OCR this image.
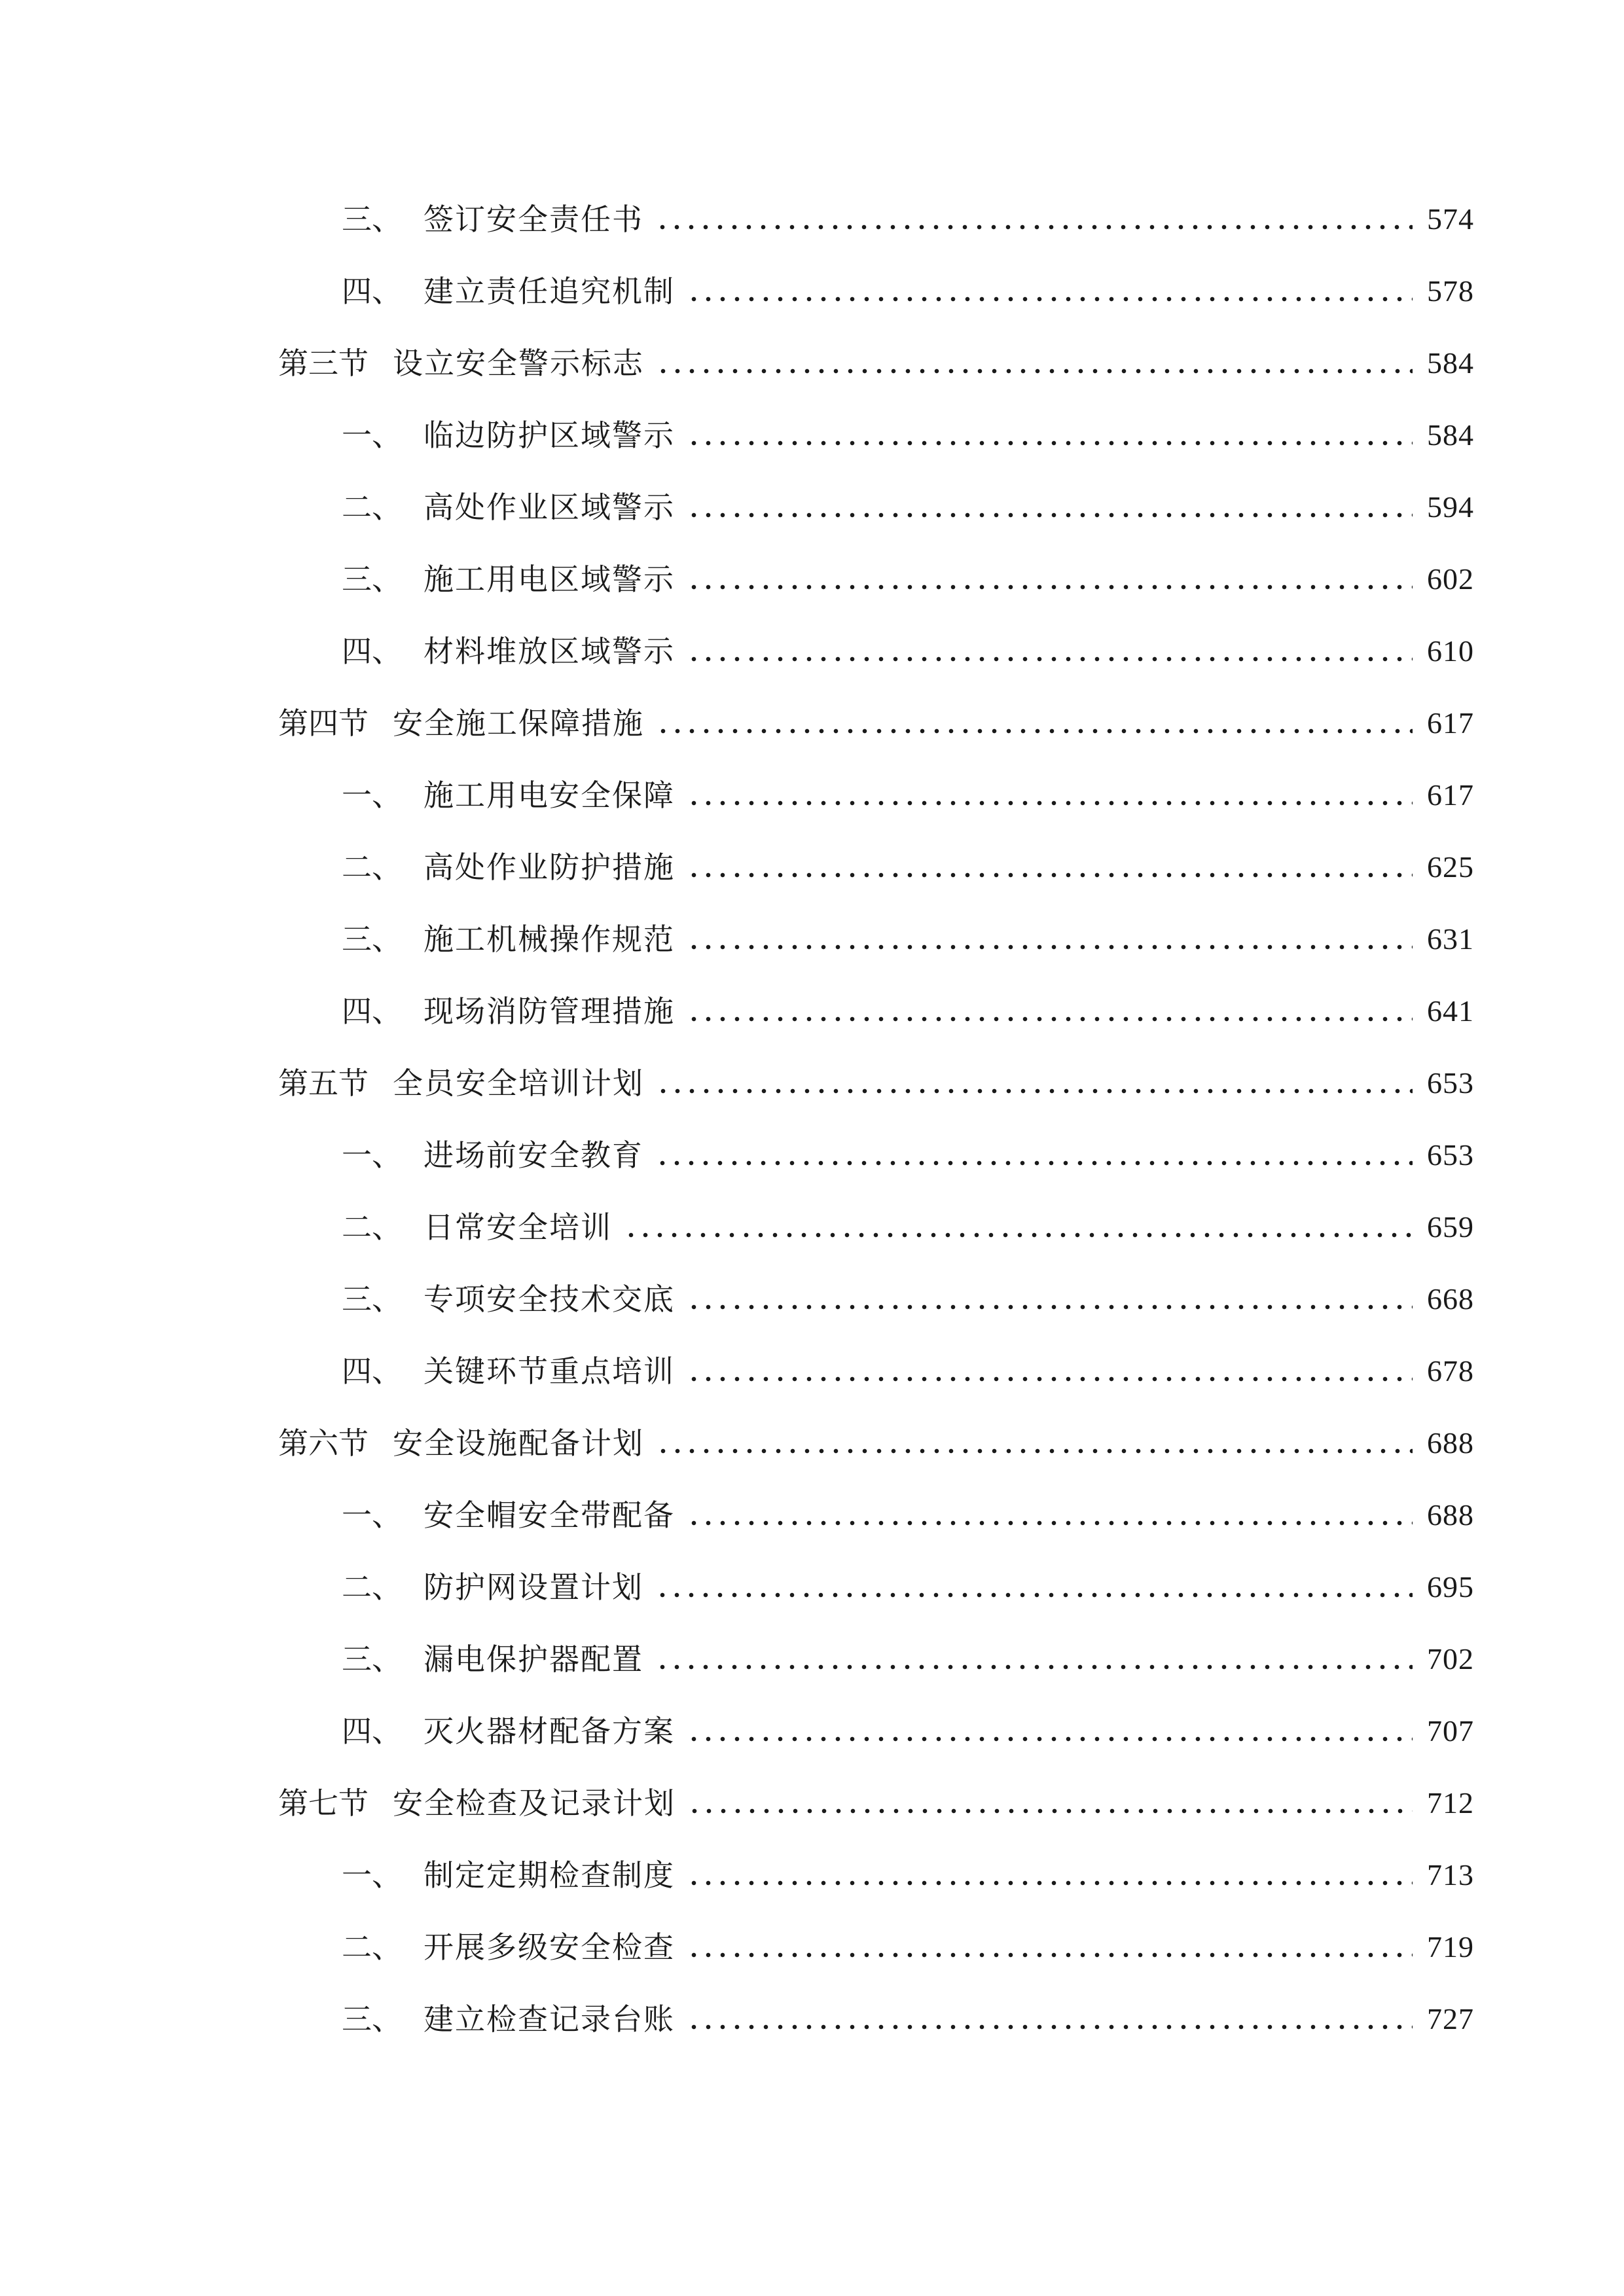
三、 签订安全责任书	574
四、 建立责任追究机制	578
第三节 设立安全警示标志	584
一、 临边防护区域警示	584
二、 高处作业区域警示	594
三、 施工用电区域警示	602
四、 材料堆放区域警示	610
第四节 安全施工保障措施	617
一、 施工用电安全保障	617
二、 高处作业防护措施	625
三、 施工机械操作规范	631
四、 现场消防管理措施	641
第五节 全员安全培训计划	653
一、 进场前安全教育	653
二、 日常安全培训	659
三、 专项安全技术交底	668
四、 关键环节重点培训	678
第六节 安全设施配备计划	688
一、 安全帽安全带配备	688
二、 防护网设置计划	695
三、 漏电保护器配置	702
四、 灭火器材配备方案	707
第七节 安全检查及记录计划	712
一、 制定定期检查制度	713
二、 开展多级安全检查	719
三、 建立检查记录台账	727
